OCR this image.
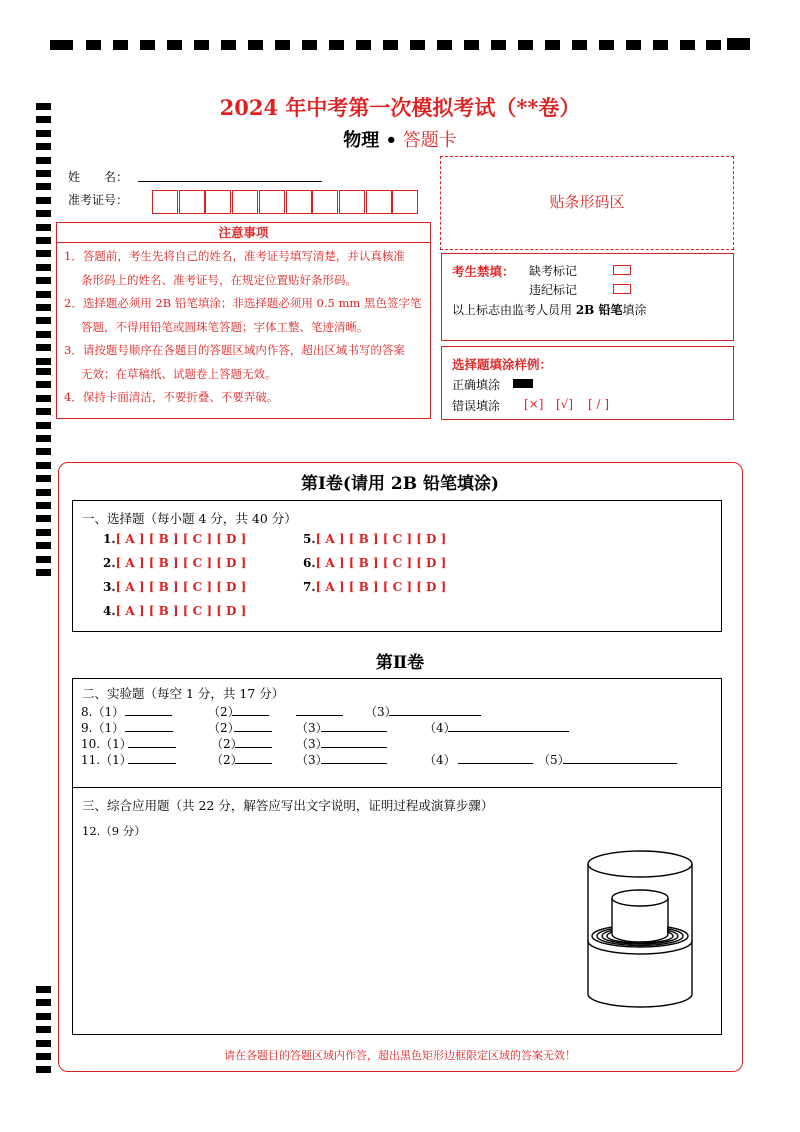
2024 年中考第一次模拟考试（**卷）
物理 • 答题卡
姓　　名：
准考证号：	贴条形码区
注意事项

1．答题前，考生先将自己的姓名，准考证号填写清楚，并认真核准

条形码上的姓名、准考证号，在规定位置贴好条形码。

2．选择题必须用 2B 铅笔填涂；非选择题必须用 0.5 mm 黑色签字笔

答题，不得用铅笔或圆珠笔答题；字体工整、笔迹清晰。

3．请按题号顺序在各题目的答题区域内作答，超出区域书写的答案

无效；在草稿纸、试题卷上答题无效。

4．保持卡面清洁，不要折叠、不要弄破。

考生禁填： 缺考标记
违纪标记
以上标志由监考人员用 2B 铅笔填涂
选择题填涂样例：
正确填涂
错误填涂 [×] [√] [ / ]
第Ⅰ卷(请用 2B 铅笔填涂)
一、选择题（每小题 4 分，共 40 分）
1.[ A ] [ B ] [ C ] [ D ]
2.[ A ] [ B ] [ C ] [ D ]
3.[ A ] [ B ] [ C ] [ D ]
4.[ A ] [ B ] [ C ] [ D ]
5.[ A ] [ B ] [ C ] [ D ]
6.[ A ] [ B ] [ C ] [ D ]
7.[ A ] [ B ] [ C ] [ D ]
第Ⅱ卷
二、实验题（每空 1 分，共 17 分）
8.（1）	（2）	（3）
9.（1）	（2）	（3）	（4）
10.（1）	（2）	（3）
11.（1）	（2）	（3）	（4）	（5）
三、综合应用题（共 22 分，解答应写出文字说明，证明过程或演算步骤）
12.（9 分）
请在各题目的答题区域内作答，超出黑色矩形边框限定区域的答案无效！
